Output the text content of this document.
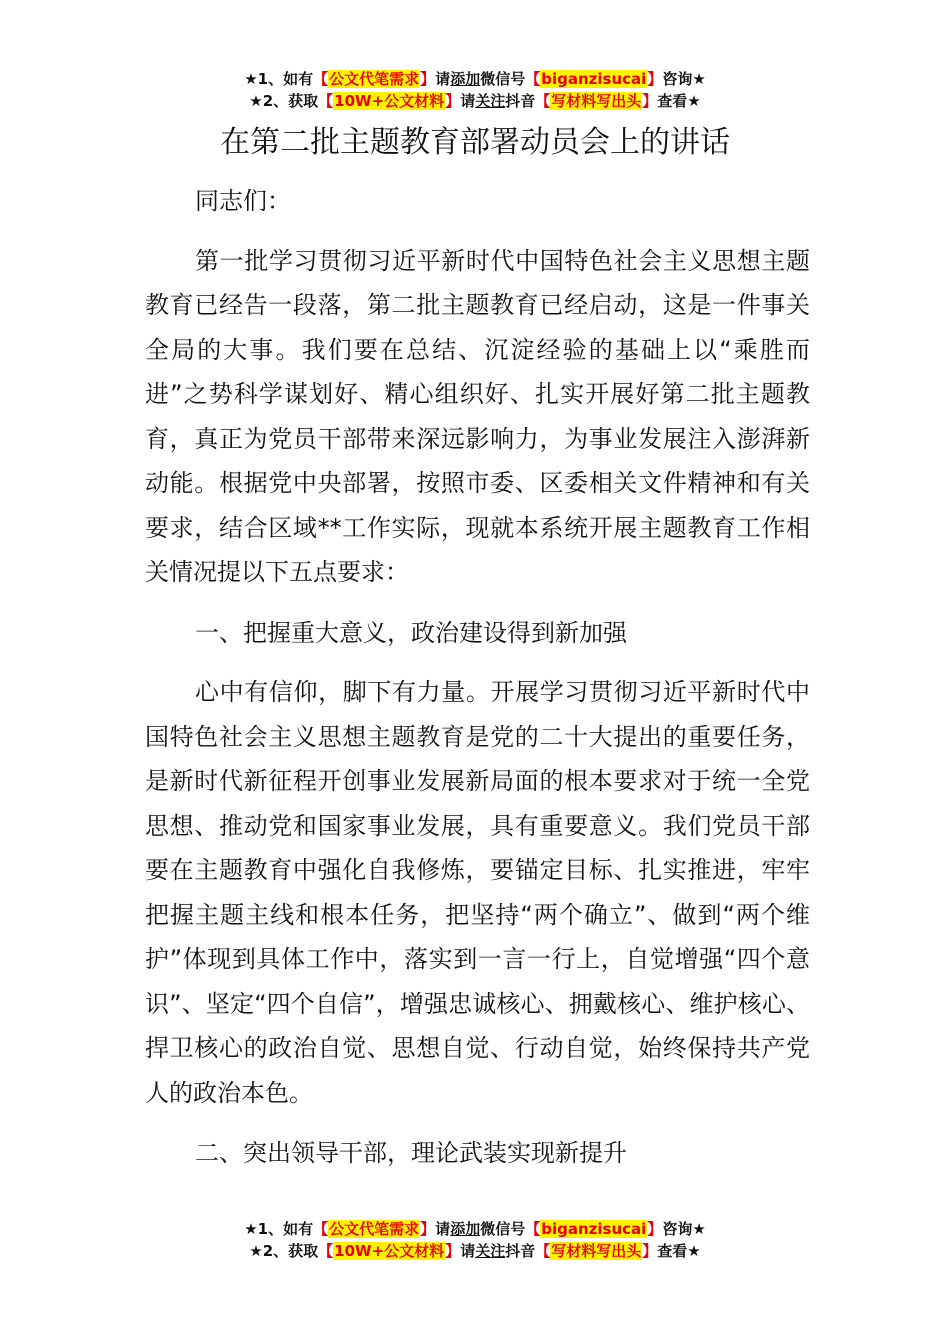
★1、如有【公文代笔需求】请添加微信号【biganzisucai】咨询★
★2、获取【10W+公文材料】请关注抖音【写材料写出头】查看★
在第二批主题教育部署动员会上的讲话

同志们：

第一批学习贯彻习近平新时代中国特色社会主义思想主题教育已经告一段落，第二批主题教育已经启动，这是一件事关全局的大事。我们要在总结、沉淀经验的基础上以“乘胜而进”之势科学谋划好、精心组织好、扎实开展好第二批主题教育，真正为党员干部带来深远影响力，为事业发展注入澎湃新动能。根据党中央部署，按照市委、区委相关文件精神和有关要求，结合区域**工作实际，现就本系统开展主题教育工作相关情况提以下五点要求：

一、把握重大意义，政治建设得到新加强

心中有信仰，脚下有力量。开展学习贯彻习近平新时代中国特色社会主义思想主题教育是党的二十大提出的重要任务，是新时代新征程开创事业发展新局面的根本要求对于统一全党思想、推动党和国家事业发展，具有重要意义。我们党员干部要在主题教育中强化自我修炼，要锚定目标、扎实推进，牢牢把握主题主线和根本任务，把坚持“两个确立”、做到“两个维护”体现到具体工作中，落实到一言一行上，自觉增强“四个意识”、坚定“四个自信”，增强忠诚核心、拥戴核心、维护核心、捍卫核心的政治自觉、思想自觉、行动自觉，始终保持共产党人的政治本色。

二、突出领导干部，理论武装实现新提升

★1、如有【公文代笔需求】请添加微信号【biganzisucai】咨询★
★2、获取【10W+公文材料】请关注抖音【写材料写出头】查看★
